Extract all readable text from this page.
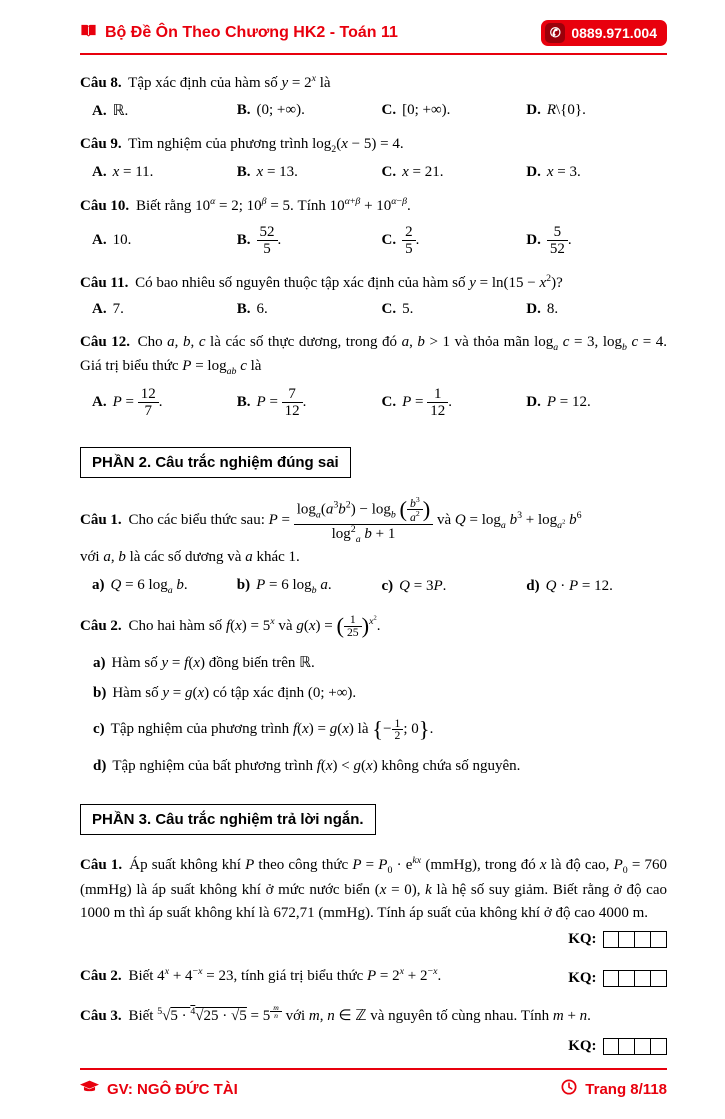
Bộ Đề Ôn Theo Chương HK2 - Toán 11	✆ 0889.971.004
Câu 8. Tập xác định của hàm số $y = 2^x$ là
A. ℝ.	B. (0; +∞).	C. [0; +∞).	D. R\{0}.
Câu 9. Tìm nghiệm của phương trình $\log_2(x - 5) = 4$.
A. x = 11.	B. x = 13.	C. x = 21.	D. x = 3.
Câu 10. Biết rằng $10^\alpha = 2$; $10^\beta = 5$. Tính $10^{\alpha+\beta} + 10^{\alpha-\beta}$.
A. 10.	B. $\frac{52}{5}$ .	C. $\frac{2}{5}$ .	D. $\frac{5}{52}$ .
Câu 11. Có bao nhiêu số nguyên thuộc tập xác định của hàm số $y = \ln(15 - x^2)$?
A. 7.	B. 6.	C. 5.	D. 8.
Câu 12. Cho a, b, c là các số thực dương, trong đó a, b > 1 và thỏa mãn $\log_a c = 3$, $\log_b c = 4$. Giá trị biểu thức $P = \log_{ab} c$ là
A. $P = \frac{12}{7}$ .	B. $P = \frac{7}{12}$ .	C. $P = \frac{1}{12}$ .	D. P = 12.
PHẦN 2. Câu trắc nghiệm đúng sai
Câu 1. Cho các biểu thức sau: $P = \frac{\log_a(a^3b^2) - \log_b ( \frac{b^3}{a^2} )}{\log^2_a b + 1}$ và $Q = \log_a b^3 + \log_{a^2} b^6$
với a, b là các số dương và a khác 1.
a) Q = 6 $\log_a b$.	b) P = 6 $\log_b a$.	c) Q = 3P.	d) Q · P = 12.
Câu 2. Cho hai hàm số $f(x) = 5^x$ và g(x) = ( $\frac{1}{25} )^{x^2}$.
a) Hàm số y = f(x) đồng biến trên ℝ.
b) Hàm số y = g(x) có tập xác định (0; +∞).
c) Tập nghiệm của phương trình f(x) = g(x) là {− $\frac{1}{2}$ ; 0}.
d) Tập nghiệm của bất phương trình f(x) < g(x) không chứa số nguyên.
PHẦN 3. Câu trắc nghiệm trả lời ngắn.
Câu 1. Áp suất không khí P theo công thức $P = P_0 \cdot e^{kx}$ (mmHg), trong đó x là độ cao, $P_0 = 760$ (mmHg) là áp suất không khí ở mức nước biển (x = 0), k là hệ số suy giảm. Biết rằng ở độ cao 1000 m thì áp suất không khí là 672,71 (mmHg). Tính áp suất của không khí ở độ cao 4000 m.
KQ:
Câu 2. Biết $4^x + 4^{-x} = 23$, tính giá trị biểu thức $P = 2^x + 2^{-x}$.	KQ:
Câu 3. Biết $^5$√5 · $^4$√25 · √5 = 5 $^{\frac{m}{n}}$ với m, n ∈ ℤ và nguyên tố cùng nhau. Tính m + n.
KQ:
GV: NGÔ ĐỨC TÀI	Trang 8/118
